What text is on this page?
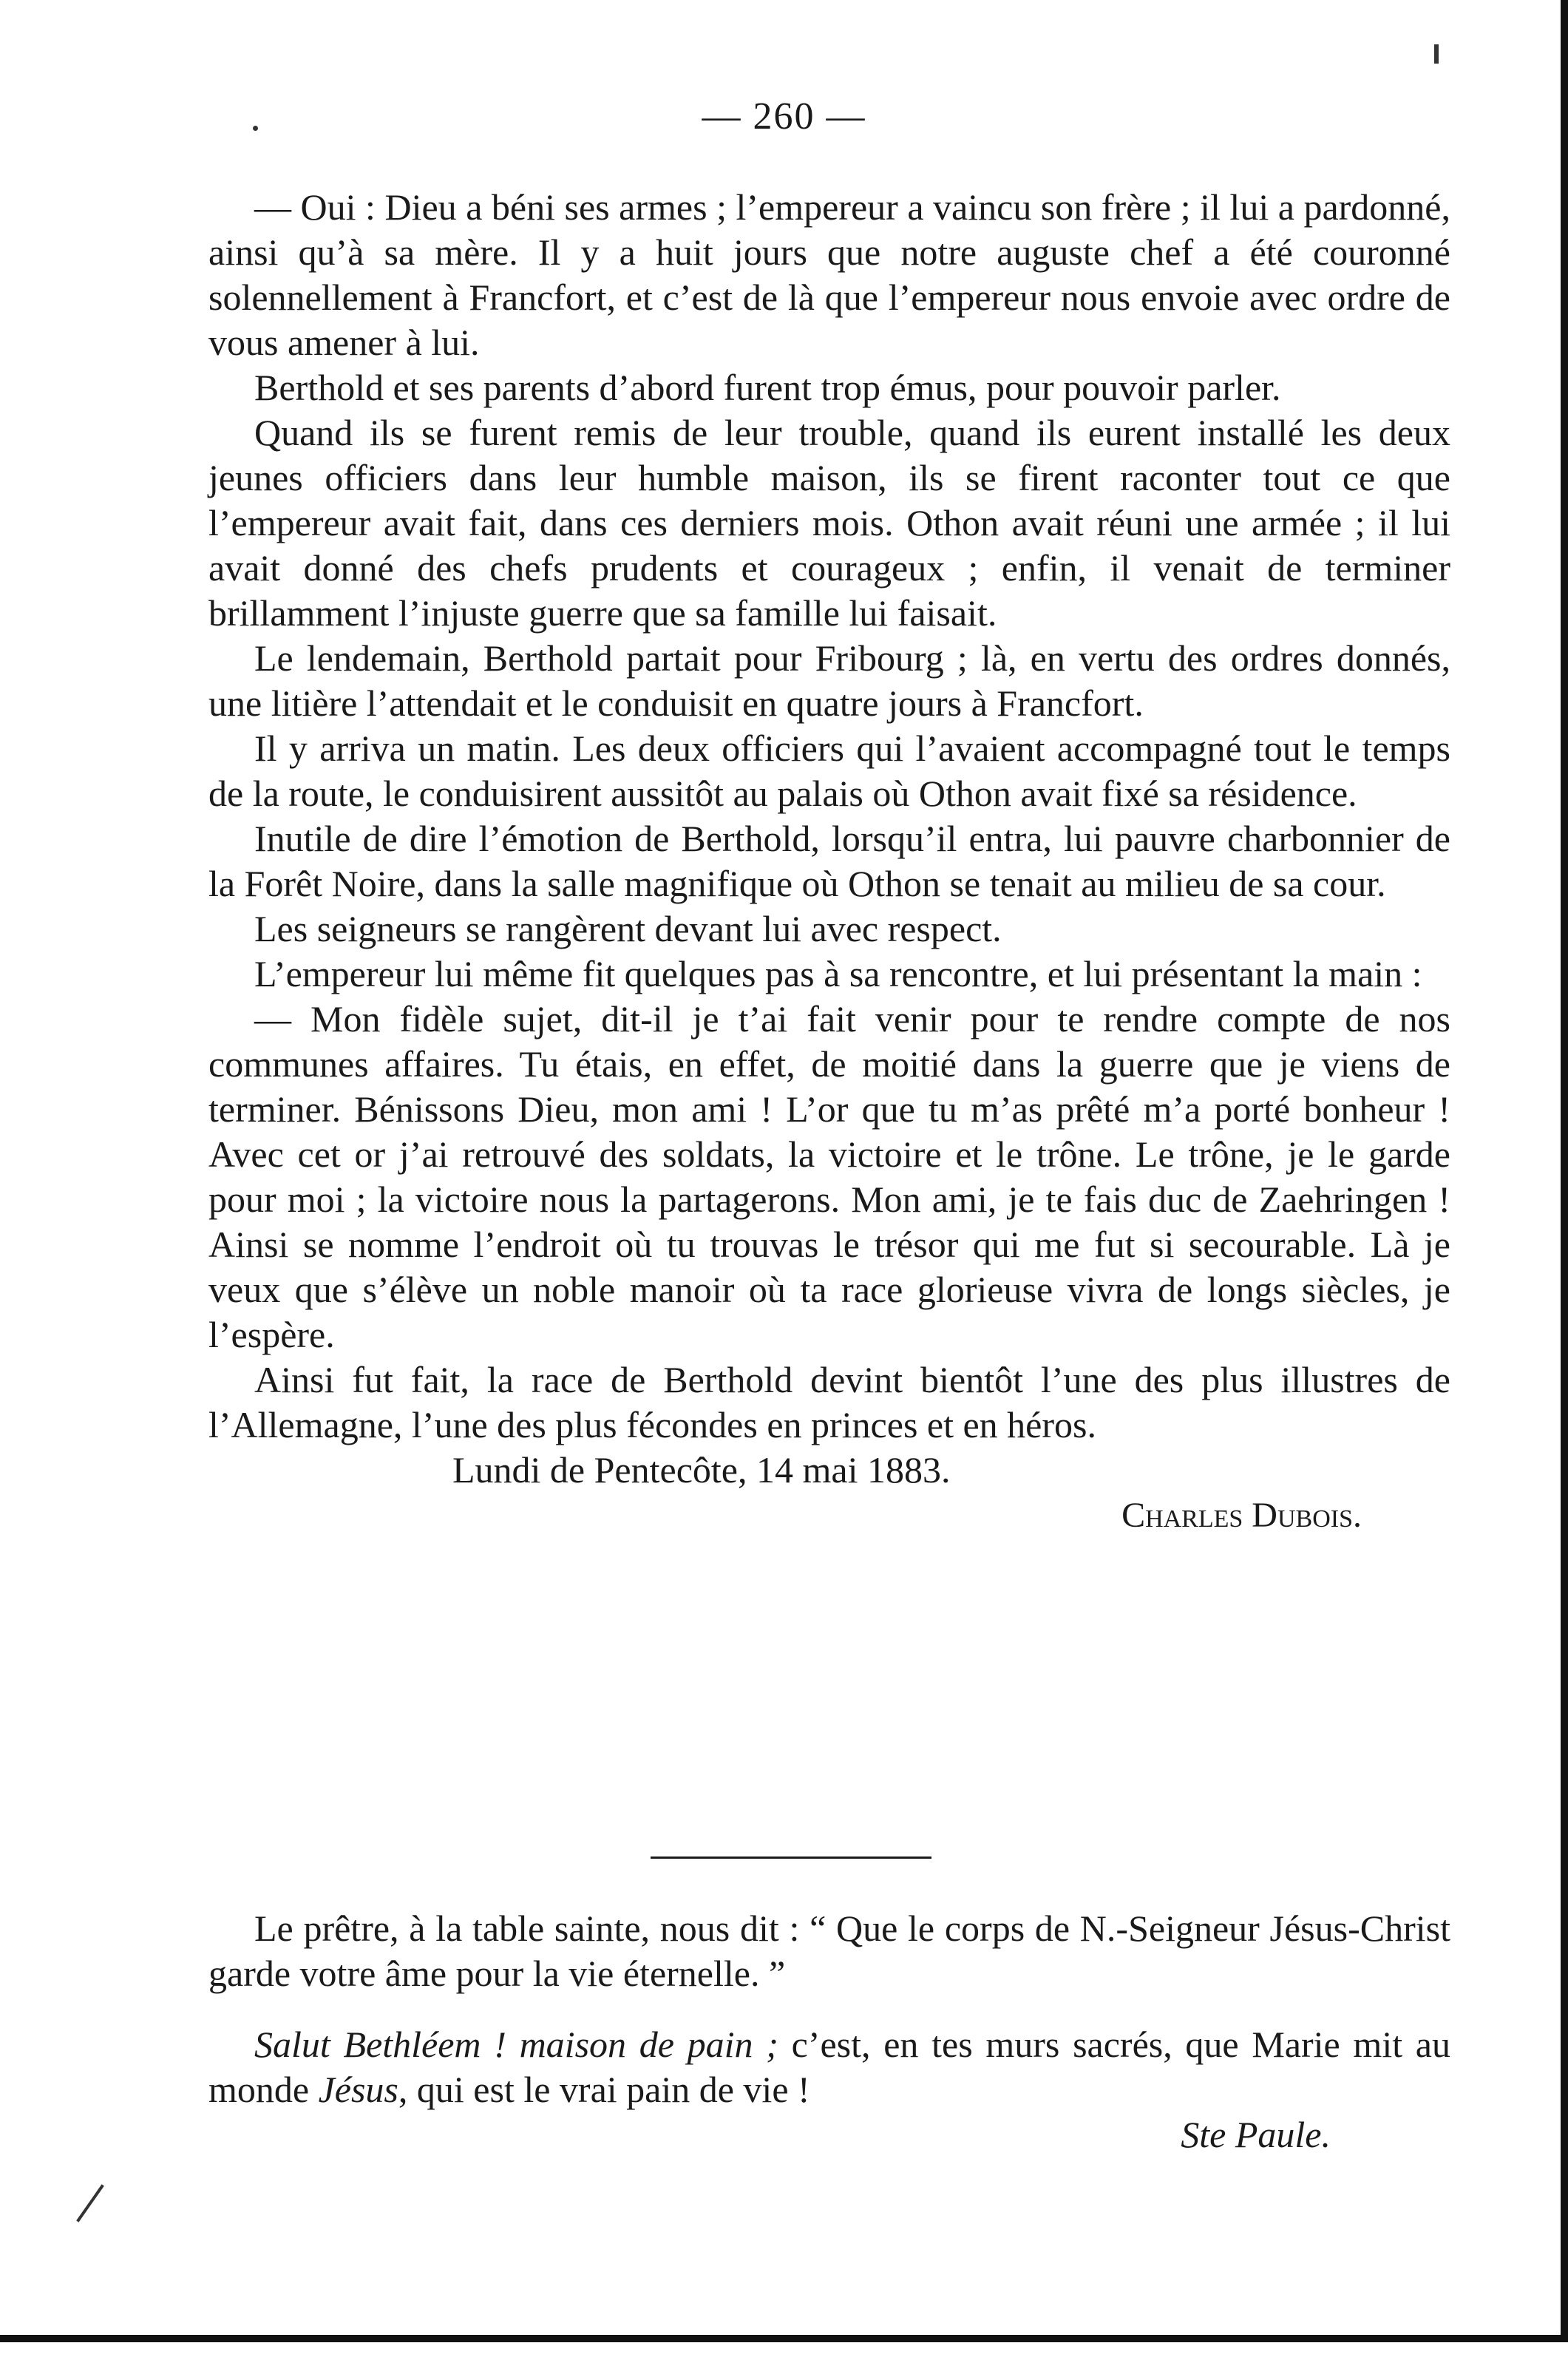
— 260 —

— Oui : Dieu a béni ses armes ; l’empereur a vaincu son frère ; il lui a pardonné, ainsi qu’à sa mère. Il y a huit jours que notre auguste chef a été couronné solennellement à Francfort, et c’est de là que l’empereur nous envoie avec ordre de vous amener à lui.

Berthold et ses parents d’abord furent trop émus, pour pouvoir parler.

Quand ils se furent remis de leur trouble, quand ils eurent installé les deux jeunes officiers dans leur humble maison, ils se firent raconter tout ce que l’empereur avait fait, dans ces derniers mois. Othon avait réuni une armée ; il lui avait donné des chefs prudents et courageux ; enfin, il venait de terminer brillamment l’injuste guerre que sa famille lui faisait.

Le lendemain, Berthold partait pour Fribourg ; là, en vertu des ordres donnés, une litière l’attendait et le conduisit en quatre jours à Francfort.

Il y arriva un matin. Les deux officiers qui l’avaient accompagné tout le temps de la route, le conduisirent aussitôt au palais où Othon avait fixé sa résidence.

Inutile de dire l’émotion de Berthold, lorsqu’il entra, lui pauvre charbonnier de la Forêt Noire, dans la salle magnifique où Othon se tenait au milieu de sa cour.

Les seigneurs se rangèrent devant lui avec respect.

L’empereur lui même fit quelques pas à sa rencontre, et lui présentant la main :

— Mon fidèle sujet, dit-il je t’ai fait venir pour te rendre compte de nos communes affaires. Tu étais, en effet, de moitié dans la guerre que je viens de terminer. Bénissons Dieu, mon ami ! L’or que tu m’as prêté m’a porté bonheur ! Avec cet or j’ai retrouvé des soldats, la victoire et le trône. Le trône, je le garde pour moi ; la victoire nous la partagerons. Mon ami, je te fais duc de Zaehringen ! Ainsi se nomme l’endroit où tu trouvas le trésor qui me fut si secourable. Là je veux que s’élève un noble manoir où ta race glorieuse vivra de longs siècles, je l’espère.

Ainsi fut fait, la race de Berthold devint bientôt l’une des plus illustres de l’Allemagne, l’une des plus fécondes en princes et en héros.

Lundi de Pentecôte, 14 mai 1883.

Charles Dubois.

Le prêtre, à la table sainte, nous dit : “ Que le corps de N.-Seigneur Jésus-Christ garde votre âme pour la vie éternelle. ”

Salut Bethléem ! maison de pain ; c’est, en tes murs sacrés, que Marie mit au monde Jésus, qui est le vrai pain de vie !

Ste Paule.
